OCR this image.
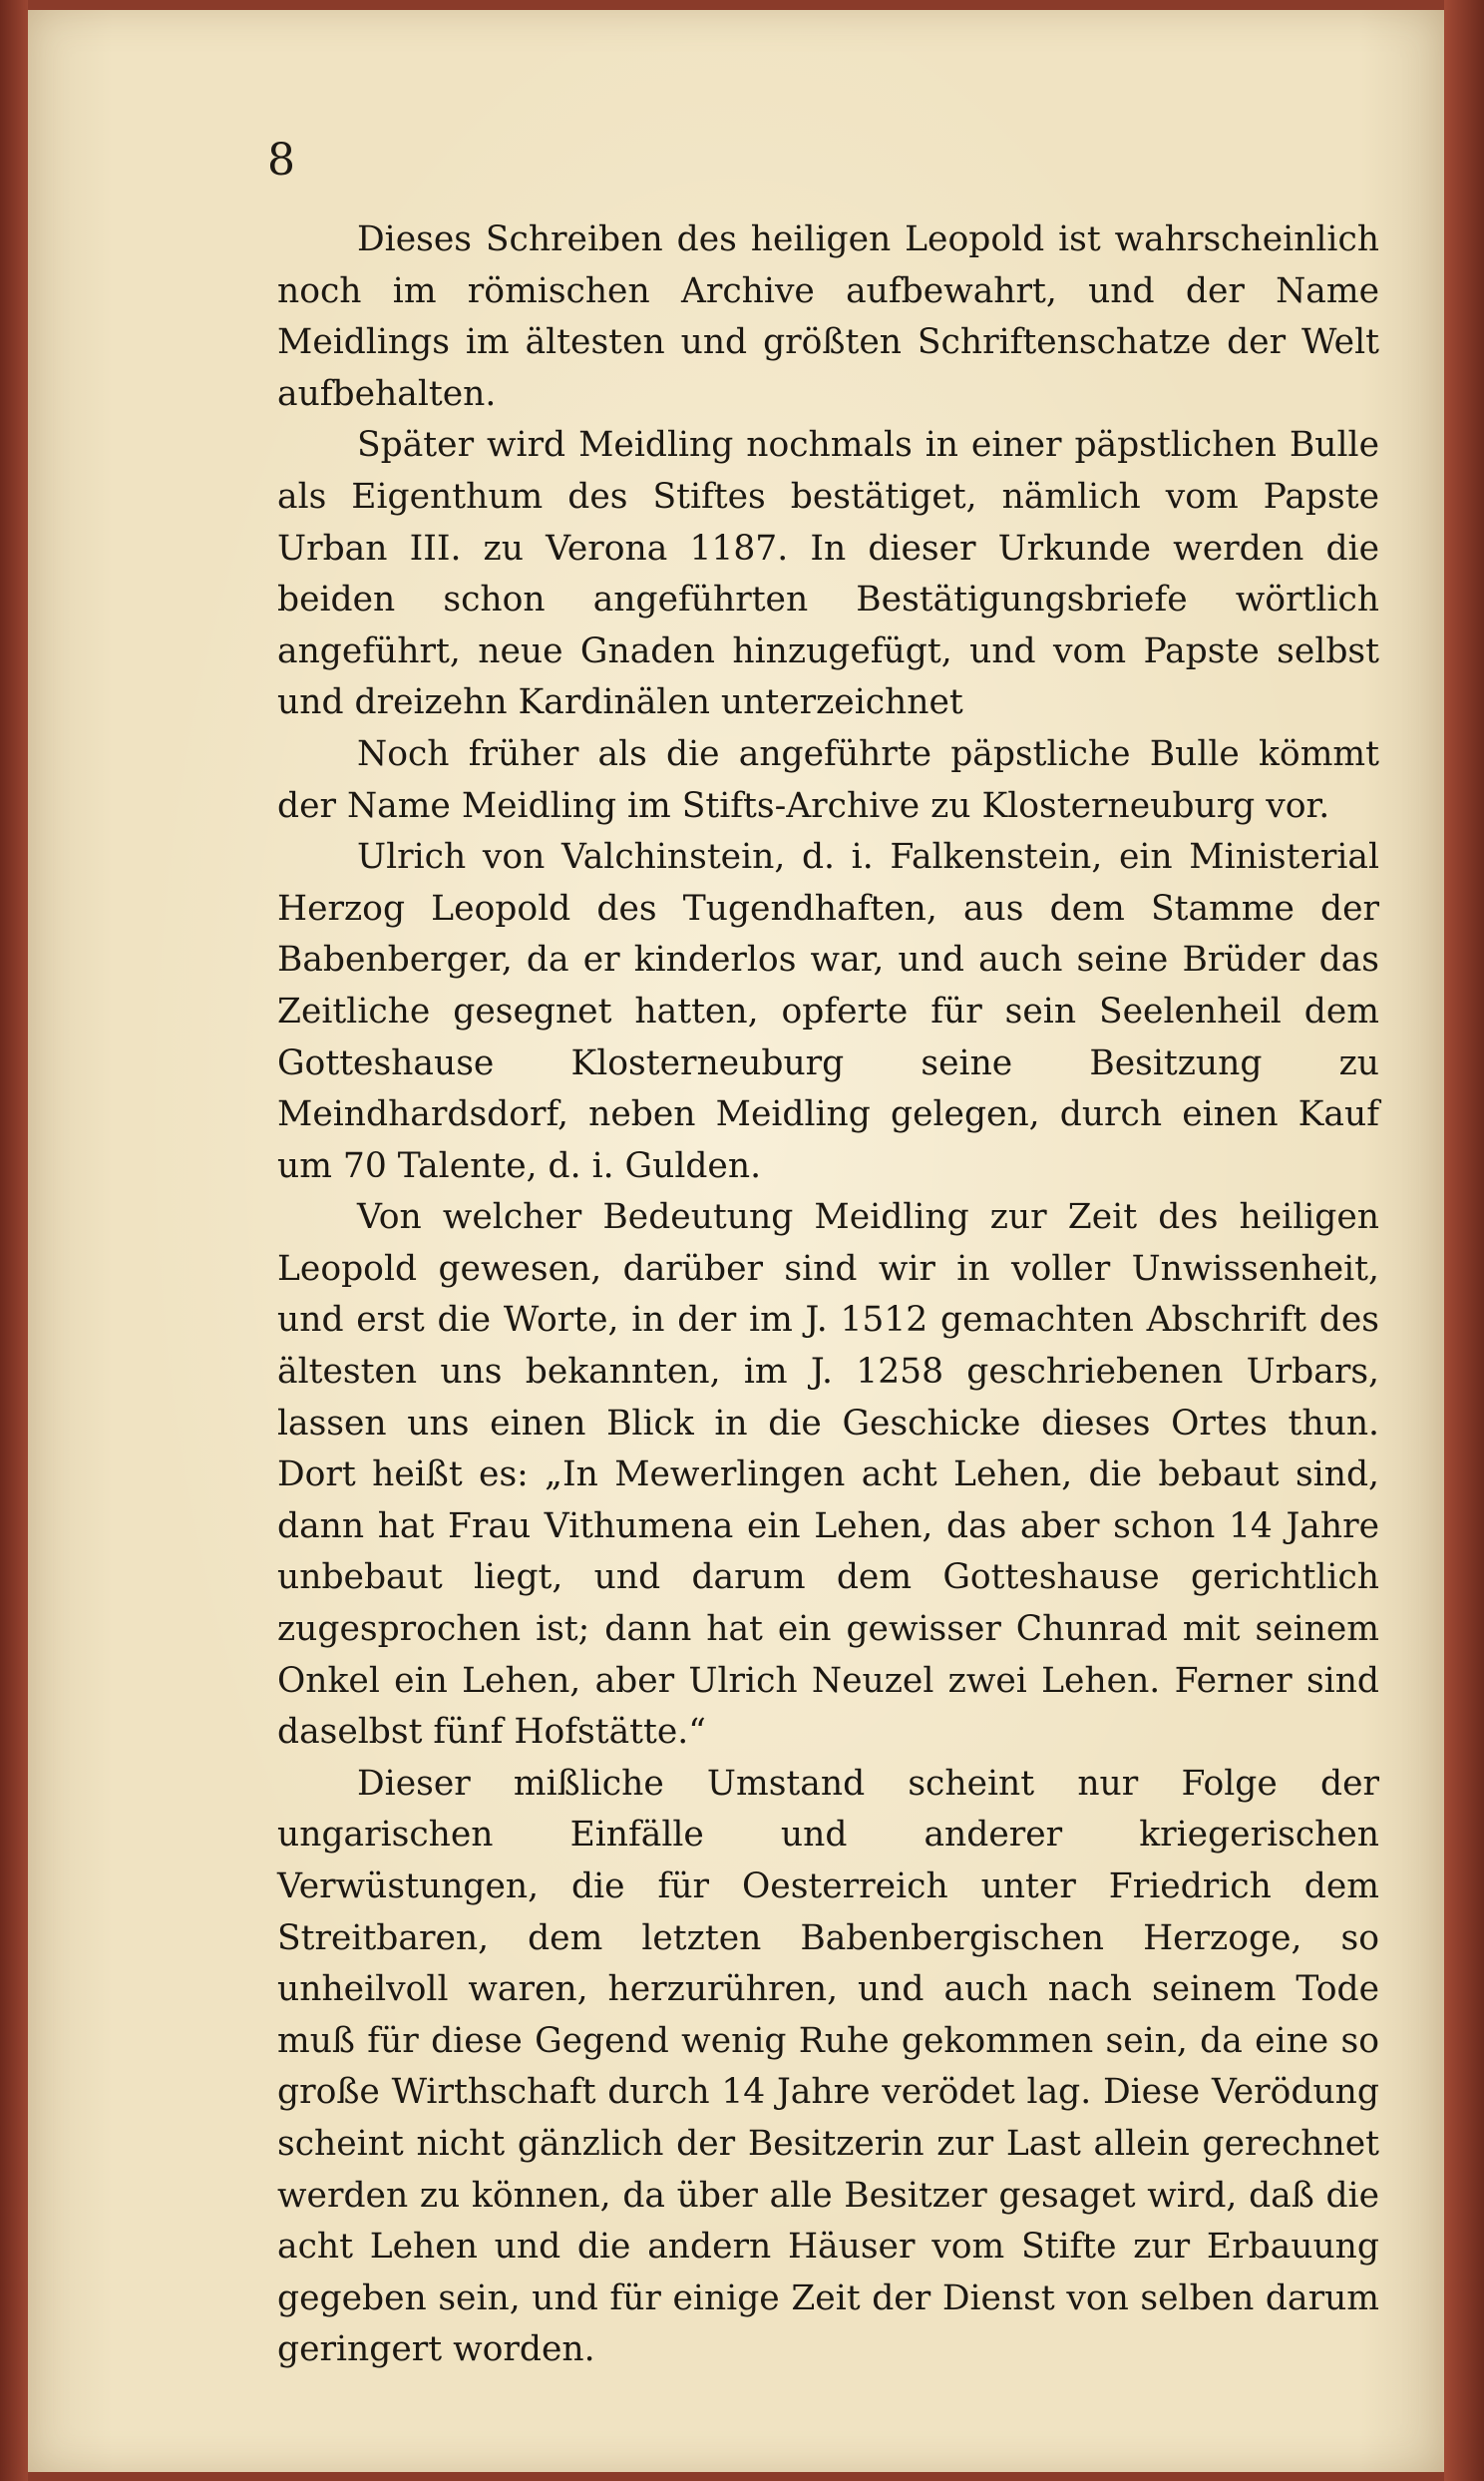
8

Dieses Schreiben des heiligen Leopold ist wahrscheinlich noch im römischen Archive aufbewahrt, und der Name Meidlings im ältesten und größten Schriftenschatze der Welt aufbehalten.

Später wird Meidling nochmals in einer päpstlichen Bulle als Eigenthum des Stiftes bestätiget, nämlich vom Papste Urban III. zu Verona 1187. In dieser Urkunde werden die beiden schon angeführten Bestätigungsbriefe wörtlich angeführt, neue Gnaden hinzugefügt, und vom Papste selbst und dreizehn Kardinälen unterzeichnet

Noch früher als die angeführte päpstliche Bulle kömmt der Name Meidling im Stifts-Archive zu Klosterneuburg vor.

Ulrich von Valchinstein, d. i. Falkenstein, ein Ministerial Herzog Leopold des Tugendhaften, aus dem Stamme der Babenberger, da er kinderlos war, und auch seine Brüder das Zeitliche gesegnet hatten, opferte für sein Seelenheil dem Gotteshause Klosterneuburg seine Besitzung zu Meindhardsdorf, neben Meidling gelegen, durch einen Kauf um 70 Talente, d. i. Gulden.

Von welcher Bedeutung Meidling zur Zeit des heiligen Leopold gewesen, darüber sind wir in voller Unwissenheit, und erst die Worte, in der im J. 1512 gemachten Abschrift des ältesten uns bekannten, im J. 1258 geschriebenen Urbars, lassen uns einen Blick in die Geschicke dieses Ortes thun. Dort heißt es: „In Mewerlingen acht Lehen, die bebaut sind, dann hat Frau Vithumena ein Lehen, das aber schon 14 Jahre unbebaut liegt, und darum dem Gotteshause gerichtlich zugesprochen ist; dann hat ein gewisser Chunrad mit seinem Onkel ein Lehen, aber Ulrich Neuzel zwei Lehen. Ferner sind daselbst fünf Hofstätte.“

Dieser mißliche Umstand scheint nur Folge der ungarischen Einfälle und anderer kriegerischen Verwüstungen, die für Oesterreich unter Friedrich dem Streitbaren, dem letzten Babenbergischen Herzoge, so unheilvoll waren, herzurühren, und auch nach seinem Tode muß für diese Gegend wenig Ruhe gekommen sein, da eine so große Wirthschaft durch 14 Jahre verödet lag. Diese Verödung scheint nicht gänzlich der Besitzerin zur Last allein gerechnet werden zu können, da über alle Besitzer gesaget wird, daß die acht Lehen und die andern Häuser vom Stifte zur Erbauung gegeben sein, und für einige Zeit der Dienst von selben darum geringert worden.
